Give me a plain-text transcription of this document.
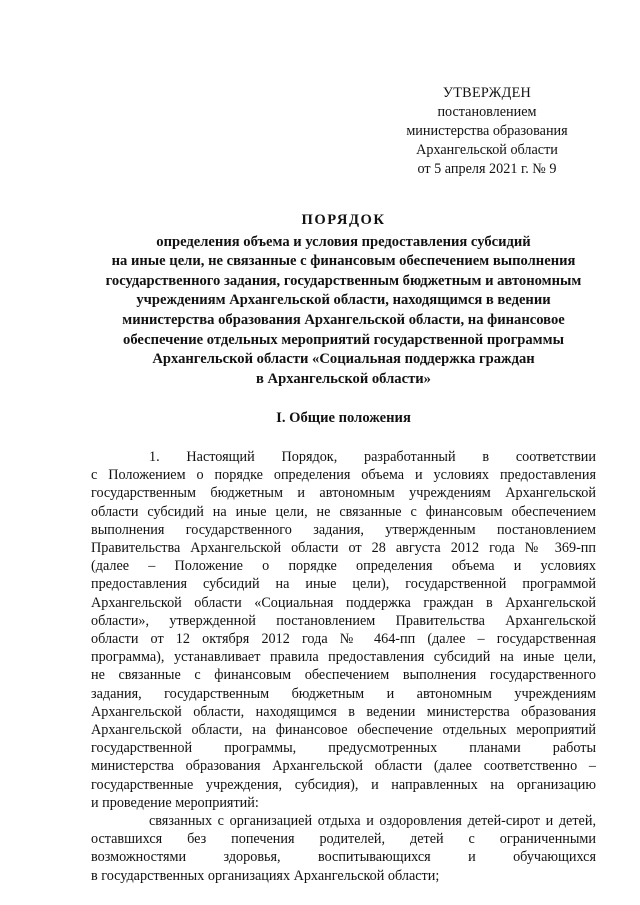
УТВЕРЖДЕН
постановлением
министерства образования
Архангельской области
от 5 апреля 2021 г. № 9
ПОРЯДОК
определения объема и условия предоставления субсидий
на иные цели, не связанные с финансовым обеспечением выполнения
государственного задания, государственным бюджетным и автономным
учреждениям Архангельской области, находящимся в ведении
министерства образования Архангельской области, на финансовое
обеспечение отдельных мероприятий государственной программы
Архангельской области «Социальная поддержка граждан
в Архангельской области»
I. Общие положения
1. Настоящий Порядок, разработанный в соответствии
с Положением о порядке определения объема и условиях предоставления
государственным бюджетным и автономным учреждениям Архангельской
области субсидий на иные цели, не связанные с финансовым обеспечением
выполнения государственного задания, утвержденным постановлением
Правительства Архангельской области от 28 августа 2012 года № 369-пп
(далее – Положение о порядке определения объема и условиях
предоставления субсидий на иные цели), государственной программой
Архангельской области «Социальная поддержка граждан в Архангельской
области», утвержденной постановлением Правительства Архангельской
области от 12 октября 2012 года № 464-пп (далее – государственная
программа), устанавливает правила предоставления субсидий на иные цели,
не связанные с финансовым обеспечением выполнения государственного
задания, государственным бюджетным и автономным учреждениям
Архангельской области, находящимся в ведении министерства образования
Архангельской области, на финансовое обеспечение отдельных мероприятий
государственной программы, предусмотренных планами работы
министерства образования Архангельской области (далее соответственно –
государственные учреждения, субсидия), и направленных на организацию
и проведение мероприятий:
связанных с организацией отдыха и оздоровления детей-сирот и детей,
оставшихся без попечения родителей, детей с ограниченными
возможностями здоровья, воспитывающихся и обучающихся
в государственных организациях Архангельской области;
